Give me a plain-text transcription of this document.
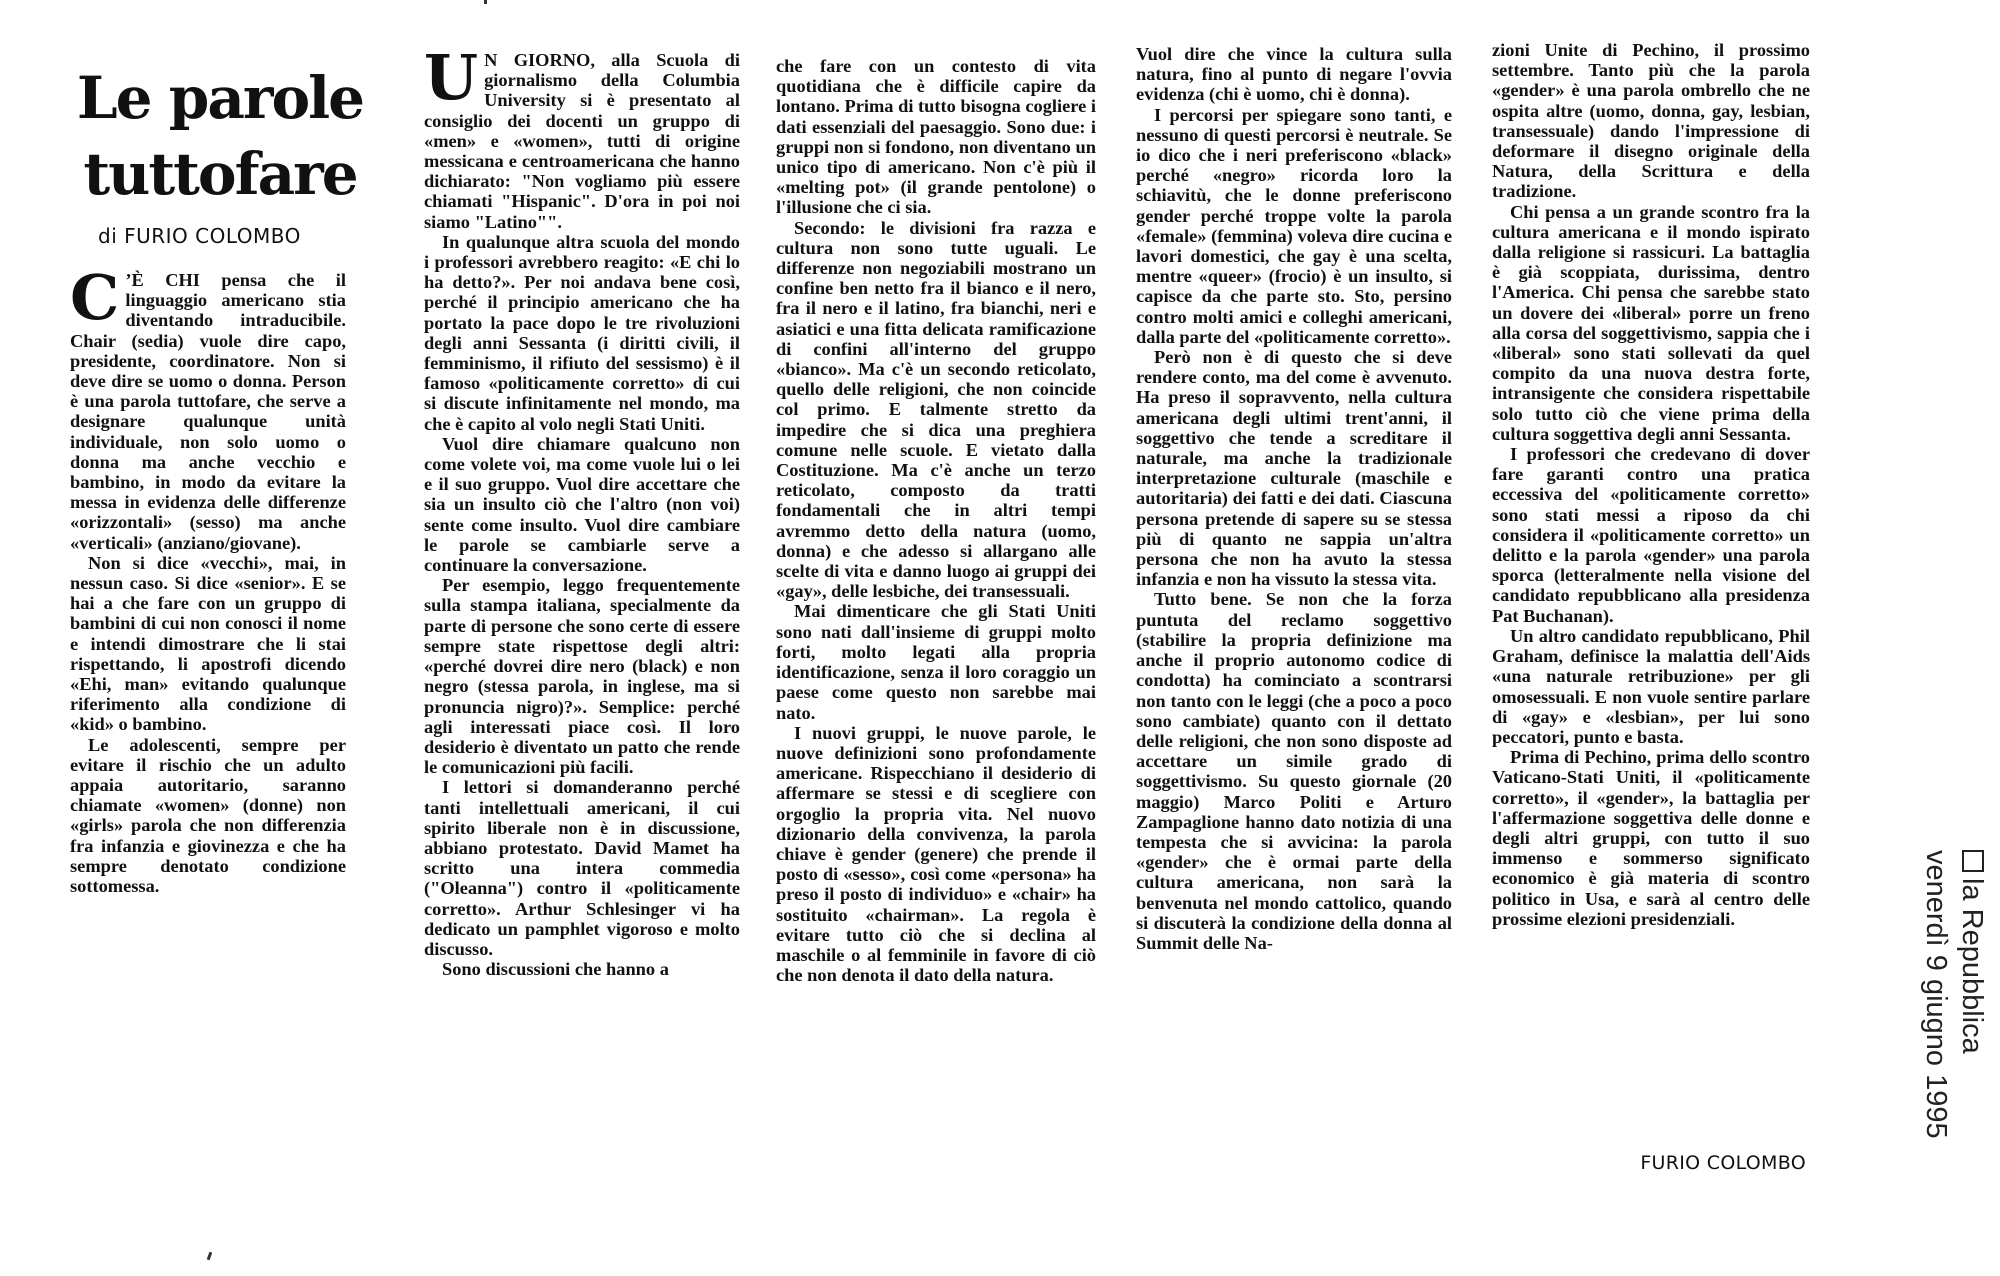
Le parole
tuttofare
di FURIO COLOMBO

C ’È CHI pensa che il linguaggio americano stia diventando intraducibile. Chair (sedia) vuole dire capo, presidente, coordinatore. Non si deve dire se uomo o donna. Person è una parola tuttofare, che serve a designare qualunque unità individuale, non solo uomo o donna ma anche vecchio e bambino, in modo da evitare la messa in evidenza delle differenze «orizzontali» (sesso) ma anche «verticali» (anziano/giovane).

Non si dice «vecchi», mai, in nessun caso. Si dice «senior». E se hai a che fare con un gruppo di bambini di cui non conosci il nome e intendi dimostrare che li stai rispettando, li apostrofi dicendo «Ehi, man» evitando qualunque riferimento alla condizione di «kid» o bambino.

Le adolescenti, sempre per evitare il rischio che un adulto appaia autoritario, saranno chiamate «women» (donne) non «girls» parola che non differenzia fra infanzia e giovinezza e che ha sempre denotato condizione sottomessa.

U N GIORNO, alla Scuola di giornalismo della Columbia University si è presentato al consiglio dei docenti un gruppo di «men» e «women», tutti di origine messicana e centroamericana che hanno dichiarato: "Non vogliamo più essere chiamati "Hispanic". D'ora in poi noi siamo "Latino"".

In qualunque altra scuola del mondo i professori avrebbero reagito: «E chi lo ha detto?». Per noi andava bene così, perché il principio americano che ha portato la pace dopo le tre rivoluzioni degli anni Sessanta (i diritti civili, il femminismo, il rifiuto del sessismo) è il famoso «politicamente corretto» di cui si discute infinitamente nel mondo, ma che è capito al volo negli Stati Uniti.

Vuol dire chiamare qualcuno non come volete voi, ma come vuole lui o lei e il suo gruppo. Vuol dire accettare che sia un insulto ciò che l'altro (non voi) sente come insulto. Vuol dire cambiare le parole se cambiarle serve a continuare la conversazione.

Per esempio, leggo frequentemente sulla stampa italiana, specialmente da parte di persone che sono certe di essere sempre state rispettose degli altri: «perché dovrei dire nero (black) e non negro (stessa parola, in inglese, ma si pronuncia nigro)?». Semplice: perché agli interessati piace così. Il loro desiderio è diventato un patto che rende le comunicazioni più facili.

I lettori si domanderanno perché tanti intellettuali americani, il cui spirito liberale non è in discussione, abbiano protestato. David Mamet ha scritto una intera commedia ("Oleanna") contro il «politicamente corretto». Arthur Schlesinger vi ha dedicato un pamphlet vigoroso e molto discusso.

Sono discussioni che hanno a

che fare con un contesto di vita quotidiana che è difficile capire da lontano. Prima di tutto bisogna cogliere i dati essenziali del paesaggio. Sono due: i gruppi non si fondono, non diventano un unico tipo di americano. Non c'è più il «melting pot» (il grande pentolone) o l'illusione che ci sia.

Secondo: le divisioni fra razza e cultura non sono tutte uguali. Le differenze non negoziabili mostrano un confine ben netto fra il bianco e il nero, fra il nero e il latino, fra bianchi, neri e asiatici e una fitta delicata ramificazione di confini all'interno del gruppo «bianco». Ma c'è un secondo reticolato, quello delle religioni, che non coincide col primo. E talmente stretto da impedire che si dica una preghiera comune nelle scuole. E vietato dalla Costituzione. Ma c'è anche un terzo reticolato, composto da tratti fondamentali che in altri tempi avremmo detto della natura (uomo, donna) e che adesso si allargano alle scelte di vita e danno luogo ai gruppi dei «gay», delle lesbiche, dei transessuali.

Mai dimenticare che gli Stati Uniti sono nati dall'insieme di gruppi molto forti, molto legati alla propria identificazione, senza il loro coraggio un paese come questo non sarebbe mai nato.

I nuovi gruppi, le nuove parole, le nuove definizioni sono profondamente americane. Rispecchiano il desiderio di affermare se stessi e di scegliere con orgoglio la propria vita. Nel nuovo dizionario della convivenza, la parola chiave è gender (genere) che prende il posto di «sesso», così come «persona» ha preso il posto di individuo» e «chair» ha sostituito «chairman». La regola è evitare tutto ciò che si declina al maschile o al femminile in favore di ciò che non denota il dato della natura.

Vuol dire che vince la cultura sulla natura, fino al punto di negare l'ovvia evidenza (chi è uomo, chi è donna).

I percorsi per spiegare sono tanti, e nessuno di questi percorsi è neutrale. Se io dico che i neri preferiscono «black» perché «negro» ricorda loro la schiavitù, che le donne preferiscono gender perché troppe volte la parola «female» (femmina) voleva dire cucina e lavori domestici, che gay è una scelta, mentre «queer» (frocio) è un insulto, si capisce da che parte sto. Sto, persino contro molti amici e colleghi americani, dalla parte del «politicamente corretto».

Però non è di questo che si deve rendere conto, ma del come è avvenuto. Ha preso il sopravvento, nella cultura americana degli ultimi trent'anni, il soggettivo che tende a screditare il naturale, ma anche la tradizionale interpretazione culturale (maschile e autoritaria) dei fatti e dei dati. Ciascuna persona pretende di sapere su se stessa più di quanto ne sappia un'altra persona che non ha avuto la stessa infanzia e non ha vissuto la stessa vita.

Tutto bene. Se non che la forza puntuta del reclamo soggettivo (stabilire la propria definizione ma anche il proprio autonomo codice di condotta) ha cominciato a scontrarsi non tanto con le leggi (che a poco a poco sono cambiate) quanto con il dettato delle religioni, che non sono disposte ad accettare un simile grado di soggettivismo. Su questo giornale (20 maggio) Marco Politi e Arturo Zampaglione hanno dato notizia di una tempesta che si avvicina: la parola «gender» che è ormai parte della cultura americana, non sarà la benvenuta nel mondo cattolico, quando si discuterà la condizione della donna al Summit delle Na-

zioni Unite di Pechino, il prossimo settembre. Tanto più che la parola «gender» è una parola ombrello che ne ospita altre (uomo, donna, gay, lesbian, transessuale) dando l'impressione di deformare il disegno originale della Natura, della Scrittura e della tradizione.

Chi pensa a un grande scontro fra la cultura americana e il mondo ispirato dalla religione si rassicuri. La battaglia è già scoppiata, durissima, dentro l'America. Chi pensa che sarebbe stato un dovere dei «liberal» porre un freno alla corsa del soggettivismo, sappia che i «liberal» sono stati sollevati da quel compito da una nuova destra forte, intransigente che considera rispettabile solo tutto ciò che viene prima della cultura soggettiva degli anni Sessanta.

I professori che credevano di dover fare garanti contro una pratica eccessiva del «politicamente corretto» sono stati messi a riposo da chi considera il «politicamente corretto» un delitto e la parola «gender» una parola sporca (letteralmente nella visione del candidato repubblicano alla presidenza Pat Buchanan).

Un altro candidato repubblicano, Phil Graham, definisce la malattia dell'Aids «una naturale retribuzione» per gli omosessuali. E non vuole sentire parlare di «gay» e «lesbian», per lui sono peccatori, punto e basta.

Prima di Pechino, prima dello scontro Vaticano-Stati Uniti, il «politicamente corretto», il «gender», la battaglia per l'affermazione soggettiva delle donne e degli altri gruppi, con tutto il suo immenso e sommerso significato economico è già materia di scontro politico in Usa, e sarà al centro delle prossime elezioni presidenziali.

FURIO COLOMBO
la Repubblica
venerdì 9 giugno 1995
